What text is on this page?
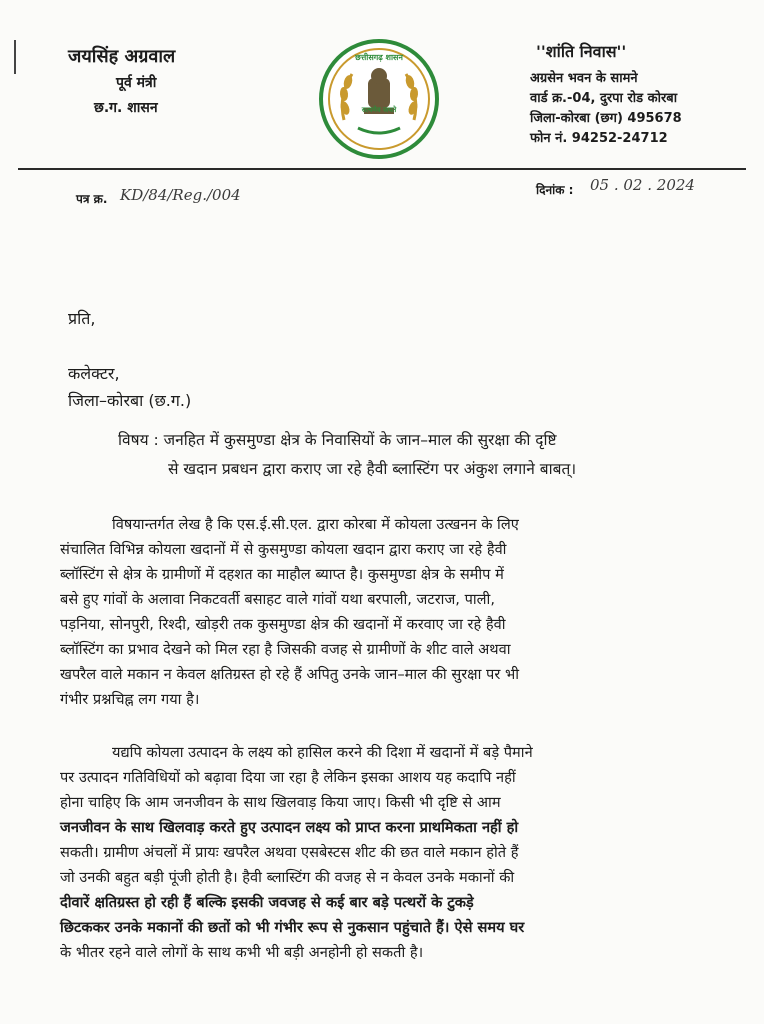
जयसिंह अग्रवाल
पूर्व मंत्री
छ.ग. शासन
छत्तीसगढ़ शासन
सत्यमेव जयते
''शांति निवास''
अग्रसेन भवन के सामने
वार्ड क्र.-04, दुरपा रोड कोरबा
जिला-कोरबा (छग) 495678
फोन नं. 94252-24712
पत्र क्र. KD/84/Reg./004	दिनांक : 05 . 02 . 2024
प्रति,
कलेक्टर,
जिला–कोरबा (छ.ग.)
विषय : जनहित में कुसमुण्डा क्षेत्र के निवासियों के जान–माल की सुरक्षा की दृष्टि
से खदान प्रबधन द्वारा कराए जा रहे हैवी ब्लास्टिंग पर अंकुश लगाने बाबत्।
विषयान्तर्गत लेख है कि एस.ई.सी.एल. द्वारा कोरबा में कोयला उत्खनन के लिए
संचालित विभिन्न कोयला खदानों में से कुसमुण्डा कोयला खदान द्वारा कराए जा रहे हैवी
ब्लॉस्टिंग से क्षेत्र के ग्रामीणों में दहशत का माहौल ब्याप्त है। कुसमुण्डा क्षेत्र के समीप में
बसे हुए गांवों के अलावा निकटवर्ती बसाहट वाले गांवों यथा बरपाली, जटराज, पाली,
पड़निया, सोनपुरी, रिश्दी, खोड़री तक कुसमुण्डा क्षेत्र की खदानों में करवाए जा रहे हैवी
ब्लॉस्टिंग का प्रभाव देखने को मिल रहा है जिसकी वजह से ग्रामीणों के शीट वाले अथवा
खपरैल वाले मकान न केवल क्षतिग्रस्त हो रहे हैं अपितु उनके जान–माल की सुरक्षा पर भी
गंभीर प्रश्नचिह्न लग गया है।
यद्यपि कोयला उत्पादन के लक्ष्य को हासिल करने की दिशा में खदानों में बड़े पैमाने
पर उत्पादन गतिविधियों को बढ़ावा दिया जा रहा है लेकिन इसका आशय यह कदापि नहीं
होना चाहिए कि आम जनजीवन के साथ खिलवाड़ किया जाए। किसी भी दृष्टि से आम
जनजीवन के साथ खिलवाड़ करते हुए उत्पादन लक्ष्य को प्राप्त करना प्राथमिकता नहीं हो
सकती। ग्रामीण अंचलों में प्रायः खपरैल अथवा एसबेस्टस शीट की छत वाले मकान होते हैं
जो उनकी बहुत बड़ी पूंजी होती है। हैवी ब्लास्टिंग की वजह से न केवल उनके मकानों की
दीवारें क्षतिग्रस्त हो रही हैं बल्कि इसकी जवजह से कई बार बड़े पत्थरों के टुकड़े
छिटककर उनके मकानों की छतों को भी गंभीर रूप से नुकसान पहुंचाते हैं। ऐसे समय घर
के भीतर रहने वाले लोगों के साथ कभी भी बड़ी अनहोनी हो सकती है।
